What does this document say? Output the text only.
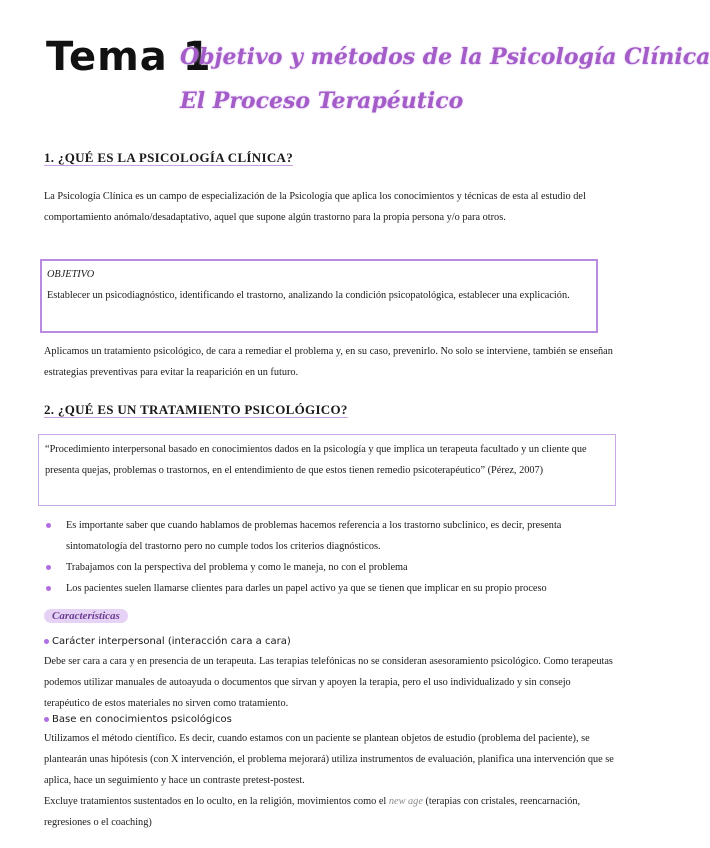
Tema 1
Objetivo y métodos de la Psicología Clínica
El Proceso Terapéutico
1. ¿QUÉ ES LA PSICOLOGÍA CLÍNICA?
La Psicología Clínica es un campo de especialización de la Psicología que aplica los conocimientos y técnicas de esta al estudio del comportamiento anómalo/desadaptativo, aquel que supone algún trastorno para la propia persona y/o para otros.
OBJETIVO
Establecer un psicodiagnóstico, identificando el trastorno, analizando la condición psicopatológica, establecer una explicación.
Aplicamos un tratamiento psicológico, de cara a remediar el problema y, en su caso, prevenirlo. No solo se interviene, también se enseñan estrategias preventivas para evitar la reaparición en un futuro.
2. ¿QUÉ ES UN TRATAMIENTO PSICOLÓGICO?
“Procedimiento interpersonal basado en conocimientos dados en la psicología y que implica un terapeuta facultado y un cliente que presenta quejas, problemas o trastornos, en el entendimiento de que estos tienen remedio psicoterapéutico” (Pérez, 2007)
Es importante saber que cuando hablamos de problemas hacemos referencia a los trastorno subclínico, es decir, presenta sintomatología del trastorno pero no cumple todos los criterios diagnósticos.
Trabajamos con la perspectiva del problema y como le maneja, no con el problema
Los pacientes suelen llamarse clientes para darles un papel activo ya que se tienen que implicar en su propio proceso
Características
Carácter interpersonal (interacción cara a cara)
Debe ser cara a cara y en presencia de un terapeuta. Las terapias telefónicas no se consideran asesoramiento psicológico. Como terapeutas podemos utilizar manuales de autoayuda o documentos que sirvan y apoyen la terapia, pero el uso individualizado y sin consejo terapéutico de estos materiales no sirven como tratamiento.
Base en conocimientos psicológicos
Utilizamos el método científico. Es decir, cuando estamos con un paciente se plantean objetos de estudio (problema del paciente), se plantearán unas hipótesis (con X intervención, el problema mejorará) utiliza instrumentos de evaluación, planifica una intervención que se aplica, hace un seguimiento y hace un contraste pretest-postest.
Excluye tratamientos sustentados en lo oculto, en la religión, movimientos como el new age (terapias con cristales, reencarnación, regresiones o el coaching)
